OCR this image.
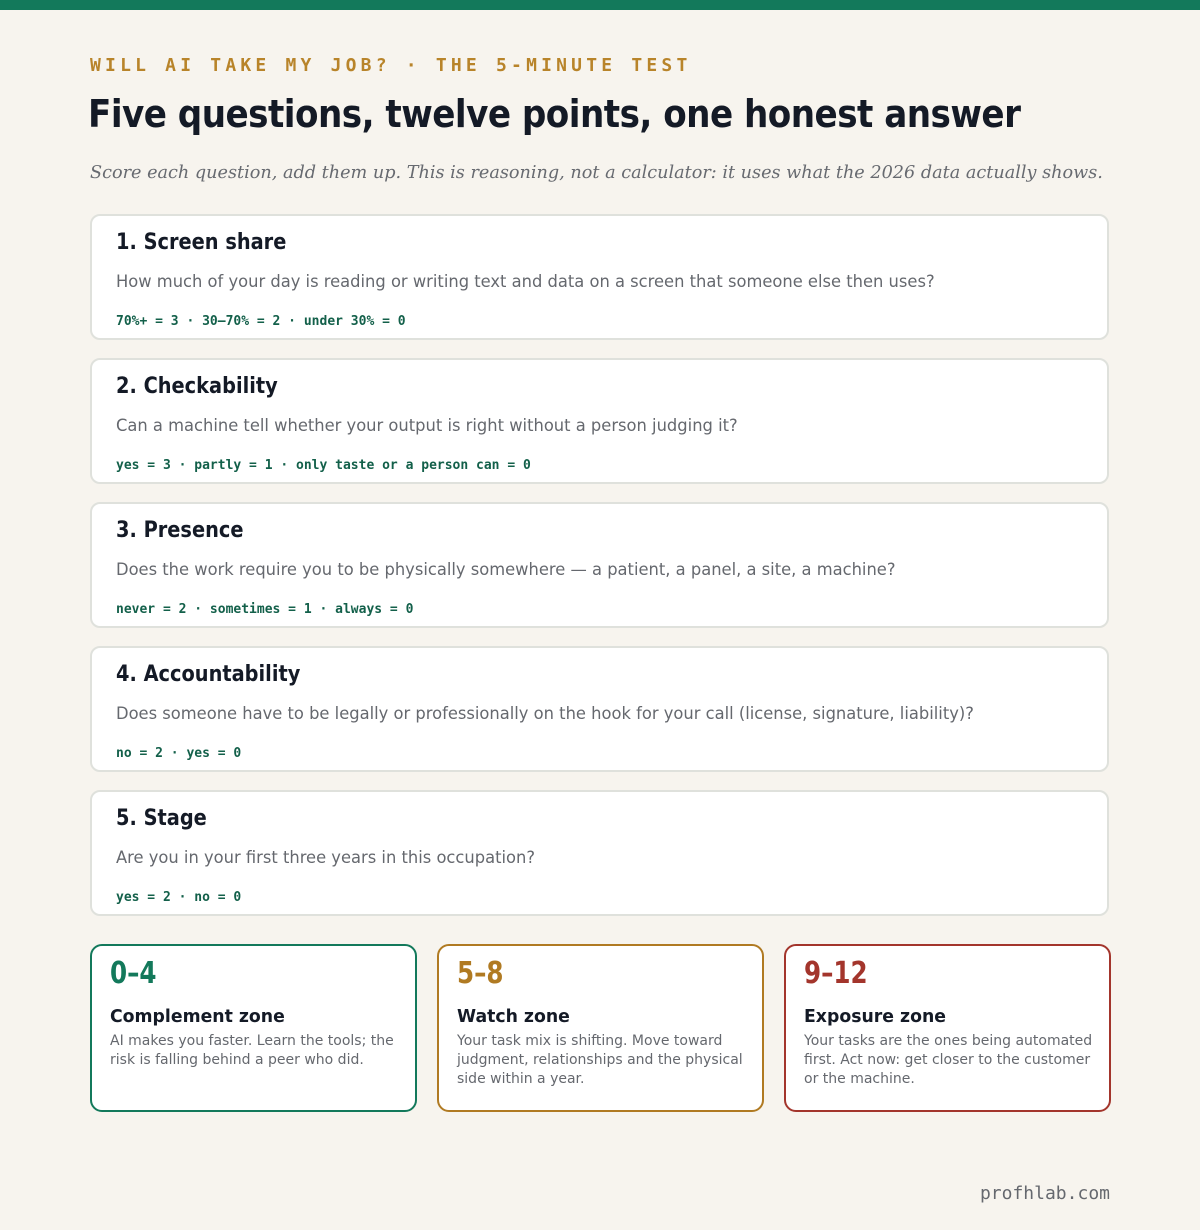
WILL AI TAKE MY JOB? · THE 5-MINUTE TEST
Five questions, twelve points, one honest answer

Score each question, add them up. This is reasoning, not a calculator: it uses what the 2026 data actually shows.

1. Screen share

How much of your day is reading or writing text and data on a screen that someone else then uses?

70%+ = 3 · 30–70% = 2 · under 30% = 0

2. Checkability

Can a machine tell whether your output is right without a person judging it?

yes = 3 · partly = 1 · only taste or a person can = 0

3. Presence

Does the work require you to be physically somewhere — a patient, a panel, a site, a machine?

never = 2 · sometimes = 1 · always = 0

4. Accountability

Does someone have to be legally or professionally on the hook for your call (license, signature, liability)?

no = 2 · yes = 0

5. Stage

Are you in your first three years in this occupation?

yes = 2 · no = 0

0–4
Complement zone

AI makes you faster. Learn the tools; the risk is falling behind a peer who did.

5–8
Watch zone

Your task mix is shifting. Move toward judgment, relationships and the physical side within a year.

9–12
Exposure zone

Your tasks are the ones being automated first. Act now: get closer to the customer or the machine.

profhlab.com
